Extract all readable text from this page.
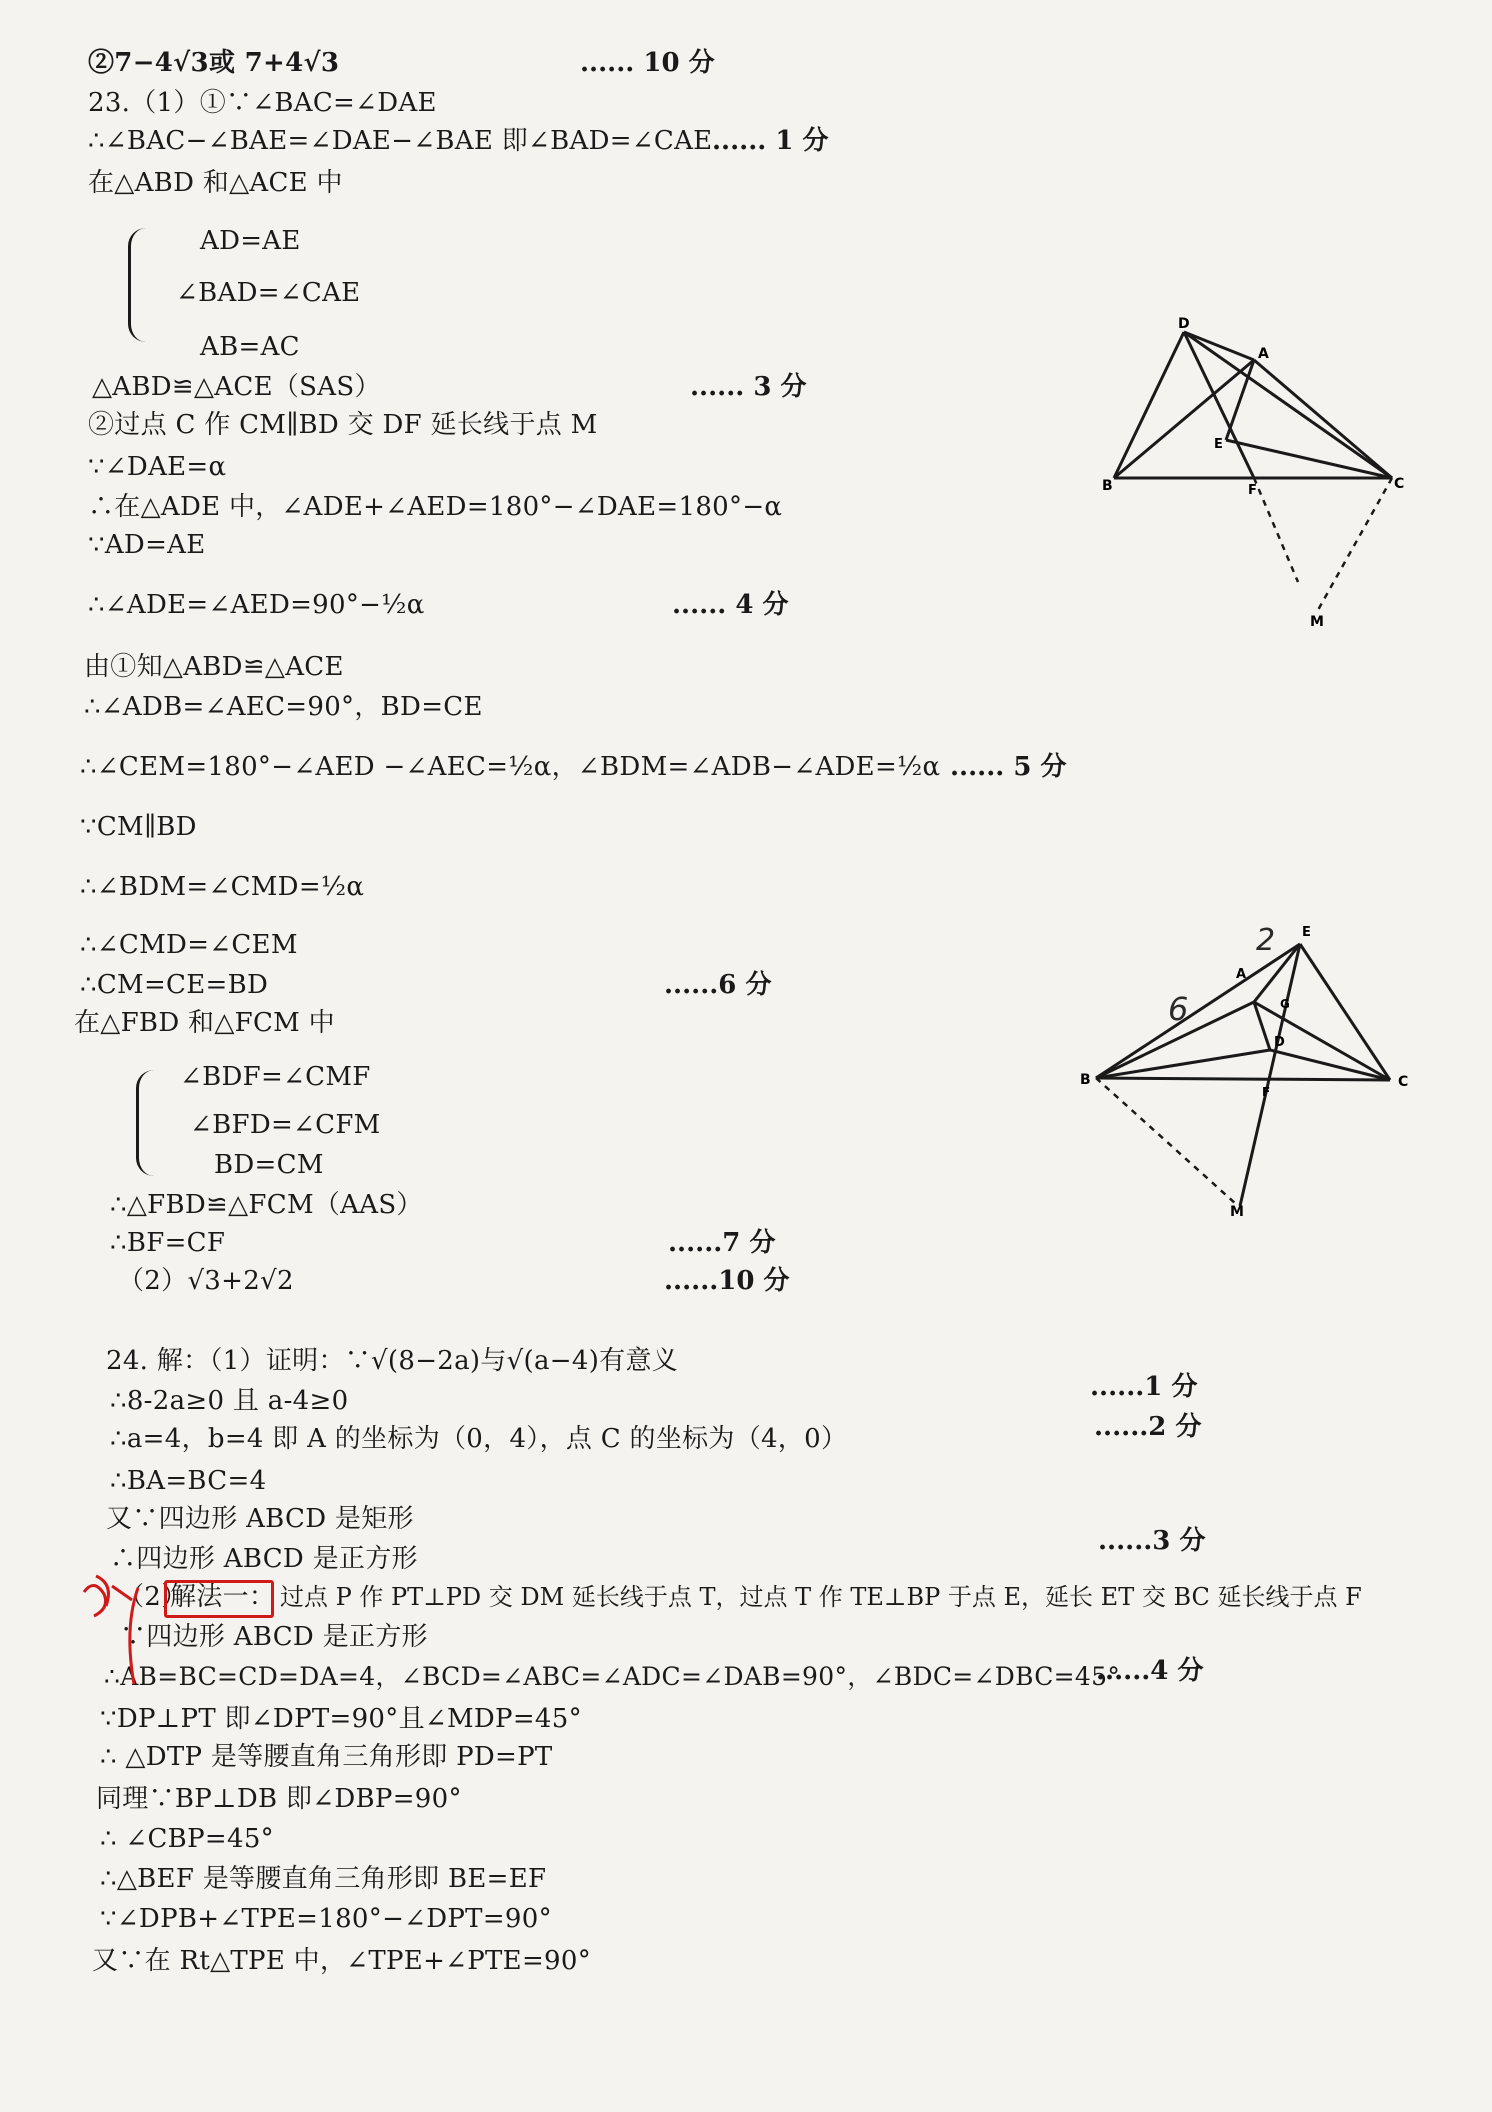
②7−4√3或 7+4√3	...... 10 分
23.（1）①∵∠BAC=∠DAE
∴∠BAC−∠BAE=∠DAE−∠BAE 即∠BAD=∠CAE ...... 1 分
在△ABD 和△ACE 中
AD=AE
∠BAD=∠CAE
AB=AC
△ABD≌△ACE（SAS）	...... 3 分
②过点 C 作 CM∥BD 交 DF 延长线于点 M
∵∠DAE=α
∴在△ADE 中，∠ADE+∠AED=180°−∠DAE=180°−α
∵AD=AE
∴∠ADE=∠AED=90°−½α	...... 4 分
由①知△ABD≌△ACE
∴∠ADB=∠AEC=90°，BD=CE
∴∠CEM=180°−∠AED −∠AEC=½α，∠BDM=∠ADB−∠ADE=½α ...... 5 分
∵CM∥BD
∴∠BDM=∠CMD=½α
∴∠CMD=∠CEM
∴CM=CE=BD	......6 分
在△FBD 和△FCM 中
∠BDF=∠CMF
∠BFD=∠CFM
BD=CM
∴△FBD≌△FCM（AAS）
∴BF=CF	......7 分
（2）√3+2√2	......10 分
24. 解：（1）证明：∵√(8−2a)与√(a−4)有意义
......1 分
∴8-2a≥0 且 a-4≥0
......2 分
∴a=4，b=4 即 A 的坐标为（0，4），点 C 的坐标为（4，0）
∴BA=BC=4
又∵四边形 ABCD 是矩形
......3 分
∴四边形 ABCD 是正方形
（2）
解法一： 过点 P 作 PT⊥PD 交 DM 延长线于点 T，过点 T 作 TE⊥BP 于点 E，延长 ET 交 BC 延长线于点 F
∵四边形 ABCD 是正方形
∴AB=BC=CD=DA=4，∠BCD=∠ABC=∠ADC=∠DAB=90°，∠BDC=∠DBC=45°
......4 分
∵DP⊥PT 即∠DPT=90°且∠MDP=45°
∴ △DTP 是等腰直角三角形即 PD=PT
同理∵BP⊥DB 即∠DBP=90°
∴ ∠CBP=45°
∴△BEF 是等腰直角三角形即 BE=EF
∵∠DPB+∠TPE=180°−∠DPT=90°
又∵在 Rt△TPE 中，∠TPE+∠PTE=90°
D
A
E
B	F	C
M
E
A
G
D
B
F
C
M
6
2
